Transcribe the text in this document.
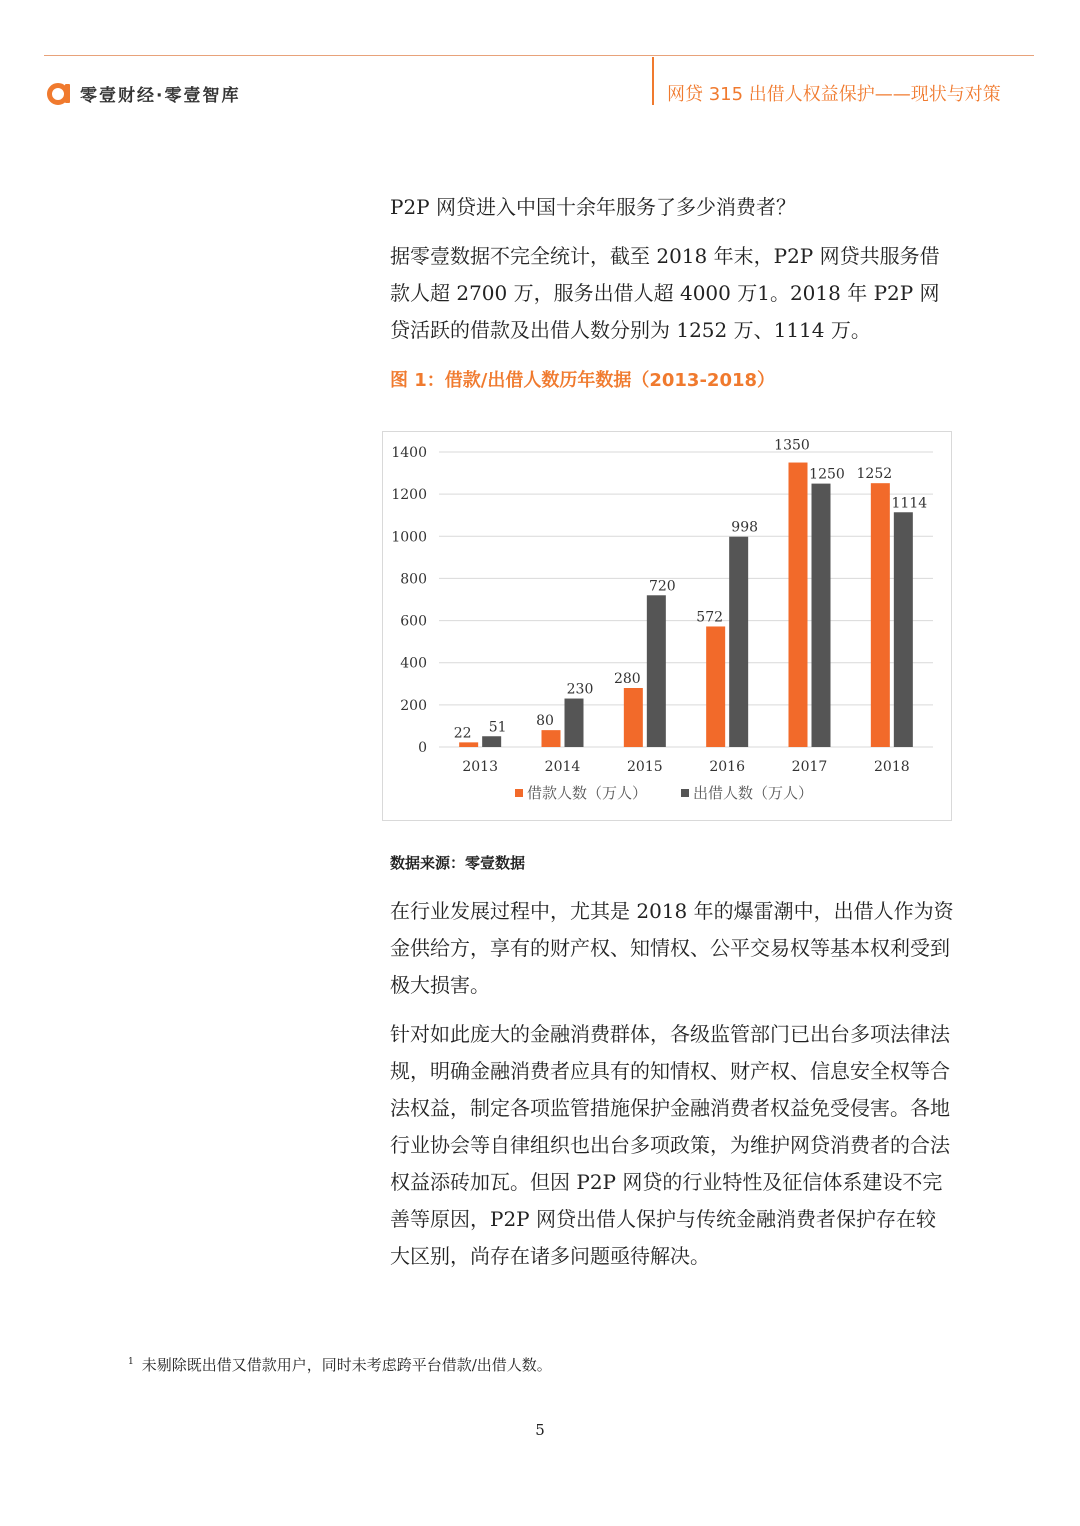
零壹财经·零壹智库	网贷 315 出借人权益保护——现状与对策
P2P 网贷进入中国十余年服务了多少消费者？
据零壹数据不完全统计，截至 2018 年末，P2P 网贷共服务借款人超 2700 万，服务出借人超 4000 万1。2018 年 P2P 网贷活跃的借款及出借人数分别为 1252 万、1114 万。
图 1：借款/出借人数历年数据（2013-2018）
0
200
400
600
800
1000
1200
1400
22 51
2013
80
230
2014
280
720
2015
572
998
2016
1350
1250
2017
1252
1114
2018
借款人数（万人）	出借人数（万人）
数据来源：零壹数据
在行业发展过程中，尤其是 2018 年的爆雷潮中，出借人作为资金供给方，享有的财产权、知情权、公平交易权等基本权利受到极大损害。
针对如此庞大的金融消费群体，各级监管部门已出台多项法律法规，明确金融消费者应具有的知情权、财产权、信息安全权等合法权益，制定各项监管措施保护金融消费者权益免受侵害。各地行业协会等自律组织也出台多项政策，为维护网贷消费者的合法权益添砖加瓦。但因 P2P 网贷的行业特性及征信体系建设不完善等原因，P2P 网贷出借人保护与传统金融消费者保护存在较大区别，尚存在诸多问题亟待解决。
$^1$ 未剔除既出借又借款用户，同时未考虑跨平台借款/出借人数。
5
